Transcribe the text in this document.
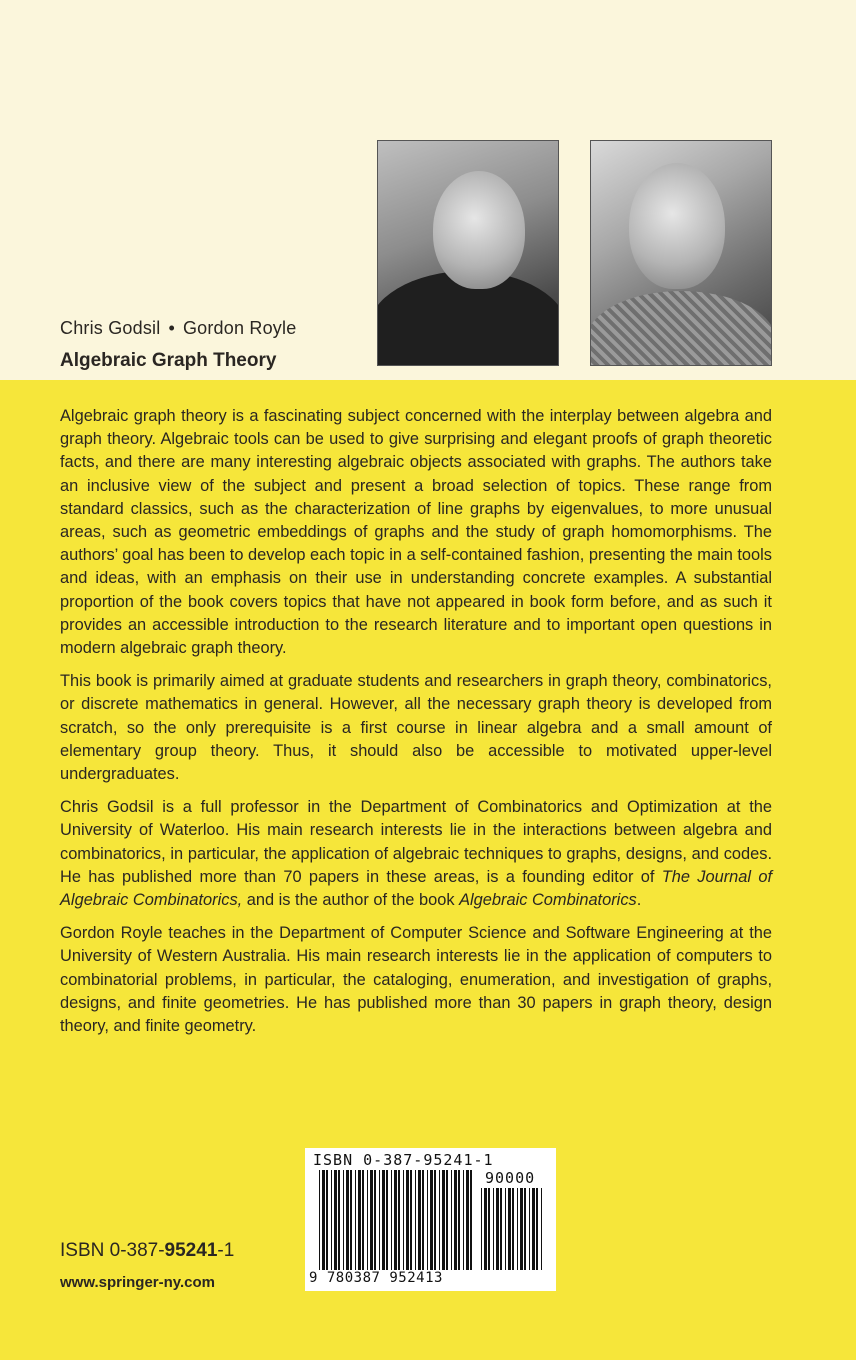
Chris Godsil • Gordon Royle
Algebraic Graph Theory

Algebraic graph theory is a fascinating subject concerned with the interplay between algebra and graph theory. Algebraic tools can be used to give surprising and elegant proofs of graph theoretic facts, and there are many interesting algebraic objects associated with graphs. The authors take an inclusive view of the subject and present a broad selection of topics. These range from standard classics, such as the characterization of line graphs by eigenvalues, to more unusual areas, such as geometric embeddings of graphs and the study of graph homomorphisms. The authors’ goal has been to develop each topic in a self-contained fashion, presenting the main tools and ideas, with an emphasis on their use in understanding concrete examples. A substantial proportion of the book covers topics that have not appeared in book form before, and as such it provides an accessible introduction to the research literature and to important open questions in modern algebraic graph theory.

This book is primarily aimed at graduate students and researchers in graph theory, combinatorics, or discrete mathematics in general. However, all the necessary graph theory is developed from scratch, so the only prerequisite is a first course in linear algebra and a small amount of elementary group theory. Thus, it should also be accessible to motivated upper-level undergraduates.

Chris Godsil is a full professor in the Department of Combinatorics and Optimization at the University of Waterloo. His main research interests lie in the interactions between algebra and combinatorics, in particular, the application of algebraic techniques to graphs, designs, and codes. He has published more than 70 papers in these areas, is a founding editor of The Journal of Algebraic Combinatorics, and is the author of the book Algebraic Combinatorics.

Gordon Royle teaches in the Department of Computer Science and Software Engineering at the University of Western Australia. His main research interests lie in the application of computers to combinatorial problems, in particular, the cataloging, enumeration, and investigation of graphs, designs, and finite geometries. He has published more than 30 papers in graph theory, design theory, and finite geometry.

ISBN 0-387-95241-1
www.springer-ny.com
ISBN 0-387-95241-1
90000
9 780387 952413
